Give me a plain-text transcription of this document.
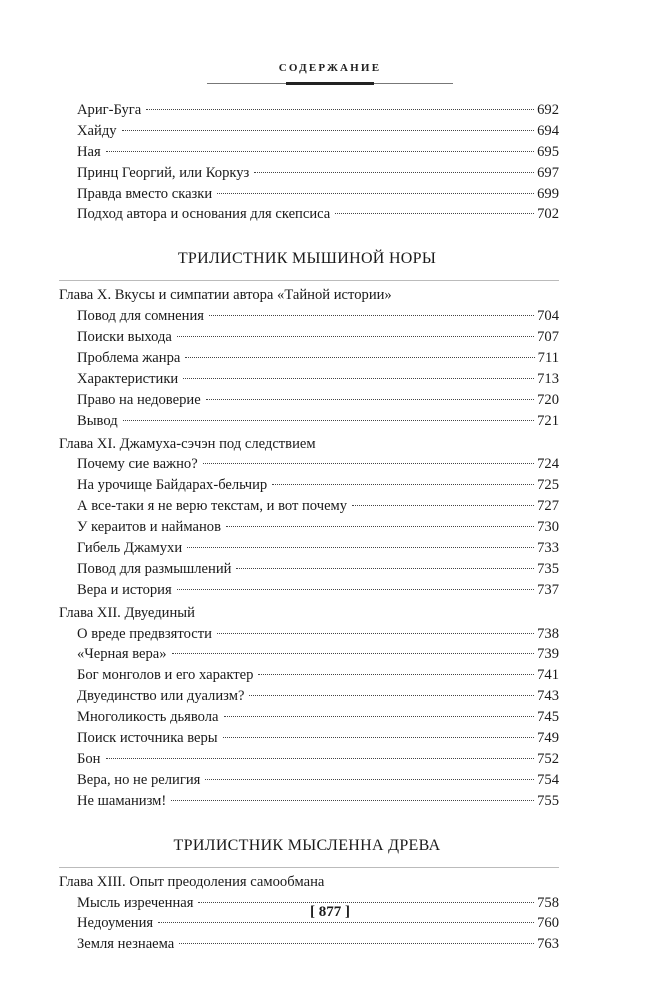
СОДЕРЖАНИЕ
Ариг-Буга	692
Хайду	694
Ная	695
Принц Георгий, или Коркуз	697
Правда вместо сказки	699
Подход автора и основания для скепсиса	702
ТРИЛИСТНИК МЫШИНОЙ НОРЫ
Глава X. Вкусы и симпатии автора «Тайной истории»
Повод для сомнения	704
Поиски выхода	707
Проблема жанра	711
Характеристики	713
Право на недоверие	720
Вывод	721
Глава XI. Джамуха-сэчэн под следствием
Почему сие важно?	724
На урочище Байдарах-бельчир	725
А все-таки я не верю текстам, и вот почему	727
У кераитов и найманов	730
Гибель Джамухи	733
Повод для размышлений	735
Вера и история	737
Глава XII. Двуединый
О вреде предвзятости	738
«Черная вера»	739
Бог монголов и его характер	741
Двуединство или дуализм?	743
Многоликость дьявола	745
Поиск источника веры	749
Бон	752
Вера, но не религия	754
Не шаманизм!	755
ТРИЛИСТНИК МЫСЛЕННА ДРЕВА
Глава XIII. Опыт преодоления самообмана
Мысль изреченная	758
Недоумения	760
Земля незнаема	763
[ 877 ]
